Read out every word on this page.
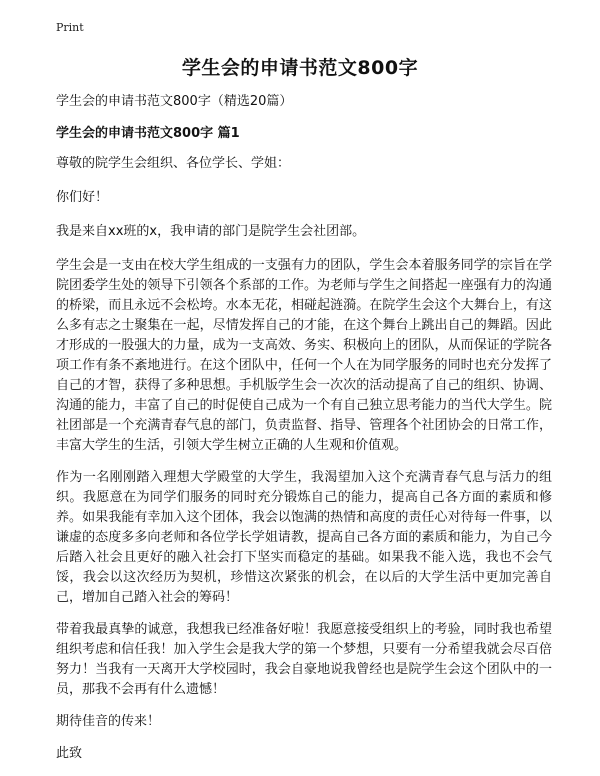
Print
学生会的申请书范文800字

学生会的申请书范文800字（精选20篇）

学生会的申请书范文800字 篇1

尊敬的院学生会组织、各位学长、学姐：

你们好！

我是来自xx班的x，我申请的部门是院学生会社团部。

学生会是一支由在校大学生组成的一支强有力的团队，学生会本着服务同学的宗旨在学院团委学生处的领导下引领各个系部的工作。为老师与学生之间搭起一座强有力的沟通的桥梁，而且永远不会松垮。水本无花，相碰起涟漪。在院学生会这个大舞台上，有这么多有志之士聚集在一起，尽情发挥自己的才能，在这个舞台上跳出自己的舞蹈。因此才形成的一股强大的力量，成为一支高效、务实、积极向上的团队，从而保证的学院各项工作有条不紊地进行。在这个团队中，任何一个人在为同学服务的同时也充分发挥了自己的才智，获得了多种思想。手机版学生会一次次的活动提高了自己的组织、协调、沟通的能力，丰富了自己的时促使自己成为一个有自己独立思考能力的当代大学生。院社团部是一个充满青春气息的部门，负责监督、指导、管理各个社团协会的日常工作，丰富大学生的生活，引领大学生树立正确的人生观和价值观。

作为一名刚刚踏入理想大学殿堂的大学生，我渴望加入这个充满青春气息与活力的组织。我愿意在为同学们服务的同时充分锻炼自己的能力，提高自己各方面的素质和修养。如果我能有幸加入这个团体，我会以饱满的热情和高度的责任心对待每一件事，以谦虚的态度多多向老师和各位学长学姐请教，提高自己各方面的素质和能力，为自己今后踏入社会且更好的融入社会打下坚实而稳定的基础。如果我不能入选，我也不会气馁，我会以这次经历为契机，珍惜这次紧张的机会，在以后的大学生活中更加完善自己，增加自己踏入社会的筹码！

带着我最真挚的诚意，我想我已经准备好啦！我愿意接受组织上的考验，同时我也希望组织考虑和信任我！加入学生会是我大学的第一个梦想，只要有一分希望我就会尽百倍努力！当我有一天离开大学校园时，我会自豪地说我曾经也是院学生会这个团队中的一员，那我不会再有什么遗憾！

期待佳音的传来！

此致
